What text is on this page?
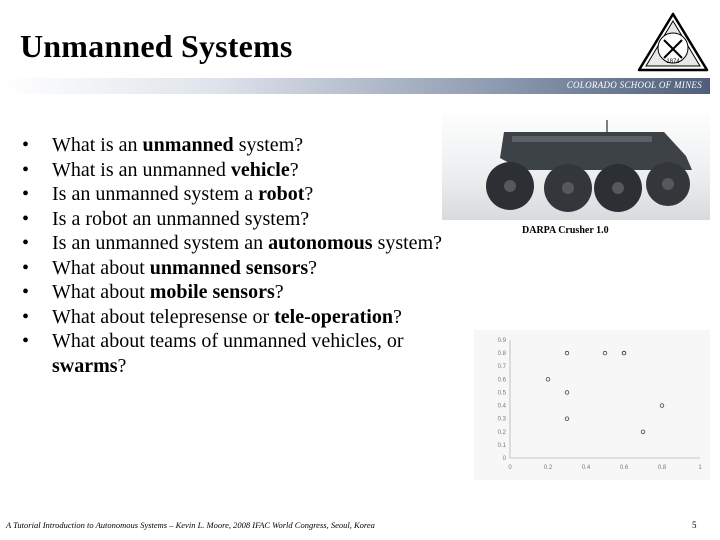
Unmanned Systems	1874
COLORADO SCHOOL OF MINES
• What is an unmanned system?
• What is an unmanned vehicle?
• Is an unmanned system a robot?
• Is a robot an unmanned system?
• Is an unmanned system an autonomous system?
• What about unmanned sensors?
• What about mobile sensors?
• What about telepresense or tele-operation?
• What about teams of unmanned vehicles, or swarms?
DARPA Crusher 1.0
0	0.2	0.4	0.6	0.8	1
0
0.1
0.2
0.3
0.4
0.5
0.6
0.7
0.8
0.9
A Tutorial Introduction to Autonomous Systems – Kevin L. Moore, 2008 IFAC World Congress, Seoul, Korea	5
